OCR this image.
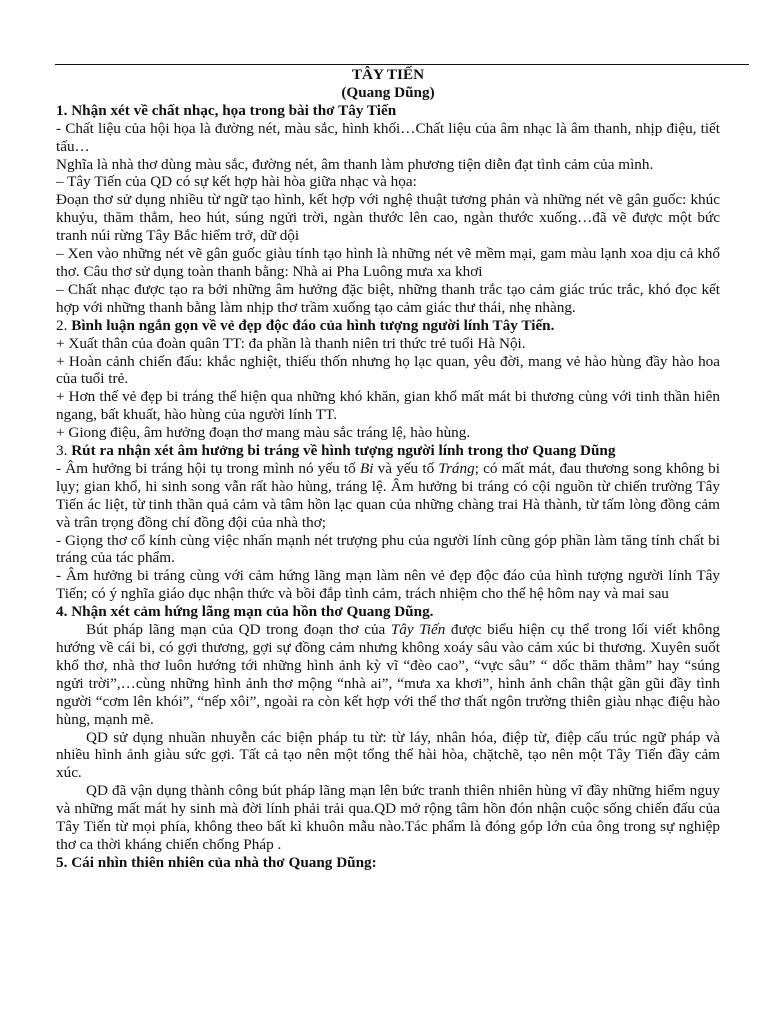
TÂY TIẾN
(Quang Dũng)

1. Nhận xét về chất nhạc, họa trong bài thơ Tây Tiến

- Chất liệu của hội họa là đường nét, màu sắc, hình khối…Chất liệu của âm nhạc là âm thanh, nhịp điệu, tiết tấu…

Nghĩa là nhà thơ dùng màu sắc, đường nét, âm thanh làm phương tiện diễn đạt tình cảm của mình.

– Tây Tiến của QD có sự kết hợp hài hòa giữa nhạc và họa:

Đoạn thơ sử dụng nhiều từ ngữ tạo hình, kết hợp với nghệ thuật tương phản và những nét vẽ gân guốc: khúc khuỷu, thăm thẳm, heo hút, súng ngửi trời, ngàn thước lên cao, ngàn thước xuống…đã vẽ được một bức tranh núi rừng Tây Bắc hiểm trở, dữ dội

– Xen vào những nét vẽ gân guốc giàu tính tạo hình là những nét vẽ mềm mại, gam màu lạnh xoa dịu cả khổ thơ. Câu thơ sử dụng toàn thanh bằng: Nhà ai Pha Luông mưa xa khơi

– Chất nhạc được tạo ra bởi những âm hưởng đặc biệt, những thanh trắc tạo cảm giác trúc trắc, khó đọc kết hợp với những thanh bằng làm nhịp thơ trầm xuống tạo cảm giác thư thái, nhẹ nhàng.

2. Bình luận ngắn gọn về vẻ đẹp độc đáo của hình tượng người lính Tây Tiến.

+ Xuất thân của đoàn quân TT: đa phần là thanh niên tri thức trẻ tuổi Hà Nội.

+ Hoàn cảnh chiến đấu: khắc nghiệt, thiếu thốn nhưng họ lạc quan, yêu đời, mang vẻ hào hùng đầy hào hoa của tuổi trẻ.

+ Hơn thế vẻ đẹp bi tráng thể hiện qua những khó khăn, gian khổ mất mát bi thương cùng với tinh thần hiên ngang, bất khuất, hào hùng của người lính TT.

+ Giong điệu, âm hưởng đoạn thơ mang màu sắc tráng lệ, hào hùng.

3. Rút ra nhận xét âm hưởng bi tráng về hình tượng người lính trong thơ Quang Dũng

- Âm hưởng bi tráng hội tụ trong mình nó yếu tố Bi và yếu tố Tráng; có mất mát, đau thương song không bi lụy; gian khổ, hi sinh song vẫn rất hào hùng, tráng lệ. Âm hưởng bi tráng có cội nguồn từ chiến trường Tây Tiến ác liệt, từ tinh thần quả cảm và tâm hồn lạc quan của những chàng trai Hà thành, từ tấm lòng đồng cảm và trân trọng đồng chí đồng đội của nhà thơ;

- Giọng thơ cổ kính cùng việc nhấn mạnh nét trượng phu của người lính cũng góp phần làm tăng tính chất bi tráng của tác phẩm.

- Âm hưởng bi tráng cùng với cảm hứng lãng mạn làm nên vẻ đẹp độc đáo của hình tượng người lính Tây Tiến; có ý nghĩa giáo dục nhận thức và bồi đắp tình cảm, trách nhiệm cho thế hệ hôm nay và mai sau

4. Nhận xét cảm hứng lãng mạn của hồn thơ Quang Dũng.

Bút pháp lãng mạn của QD trong đoạn thơ của Tây Tiến được biểu hiện cụ thể trong lối viết không hướng về cái bi, có gợi thương, gợi sự đồng cảm nhưng không xoáy sâu vào cảm xúc bi thương. Xuyên suốt khổ thơ, nhà thơ luôn hướng tới những hình ảnh kỳ vĩ “đèo cao”, “vực sâu” “ dốc thăm thẳm” hay “súng ngửi trời”,…cùng những hình ảnh thơ mộng “nhà ai”, “mưa xa khơi”, hình ảnh chân thật gần gũi đầy tình người “cơm lên khói”, “nếp xôi”, ngoài ra còn kết hợp với thể thơ thất ngôn trường thiên giàu nhạc điệu hào hùng, mạnh mẽ.

QD sử dụng nhuần nhuyễn các biện pháp tu từ: từ láy, nhân hóa, điệp từ, điệp cấu trúc ngữ pháp và nhiều hình ảnh giàu sức gợi. Tất cả tạo nên một tổng thể hài hòa, chặtchẽ, tạo nên một Tây Tiến đầy cảm xúc.

QD đã vận dụng thành công bút pháp lãng mạn lên bức tranh thiên nhiên hùng vĩ đầy những hiểm nguy và những mất mát hy sinh mà đời lính phải trải qua.QD mở rộng tâm hồn đón nhận cuộc sống chiến đấu của Tây Tiến từ mọi phía, không theo bất kì khuôn mẫu nào.Tác phẩm là đóng góp lớn của ông trong sự nghiệp thơ ca thời kháng chiến chống Pháp .

5. Cái nhìn thiên nhiên của nhà thơ Quang Dũng:
